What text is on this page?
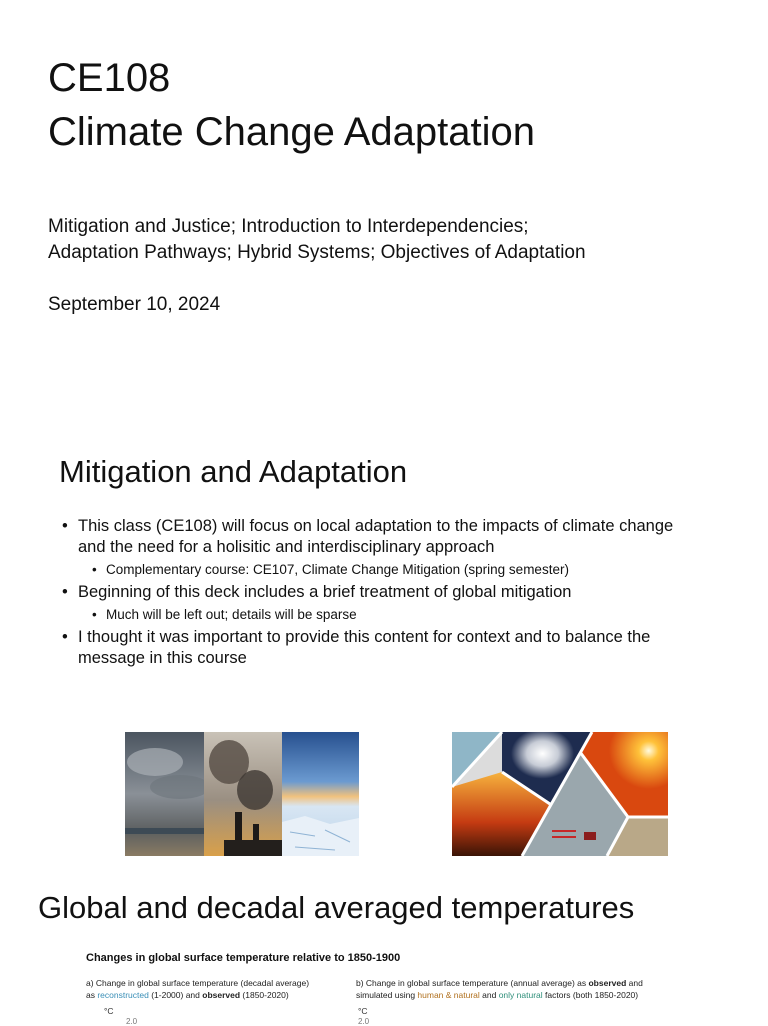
CE108
Climate Change Adaptation
Mitigation and Justice; Introduction to Interdependencies;
Adaptation Pathways; Hybrid Systems; Objectives of Adaptation
September 10, 2024
Mitigation and Adaptation
• This class (CE108) will focus on local adaptation to the impacts of climate change and the need for a holisitic and interdisciplinary approach
• Complementary course: CE107, Climate Change Mitigation (spring semester)
• Beginning of this deck includes a brief treatment of global mitigation
• Much will be left out; details will be sparse
• I thought it was important to provide this content for context and to balance the message in this course
Global and decadal averaged temperatures
Changes in global surface temperature relative to 1850-1900
a) Change in global surface temperature (decadal average)
as reconstructed (1-2000) and observed (1850-2020)
b) Change in global surface temperature (annual average) as observed and
simulated using human & natural and only natural factors (both 1850-2020)
°C	°C
2.0	2.0
